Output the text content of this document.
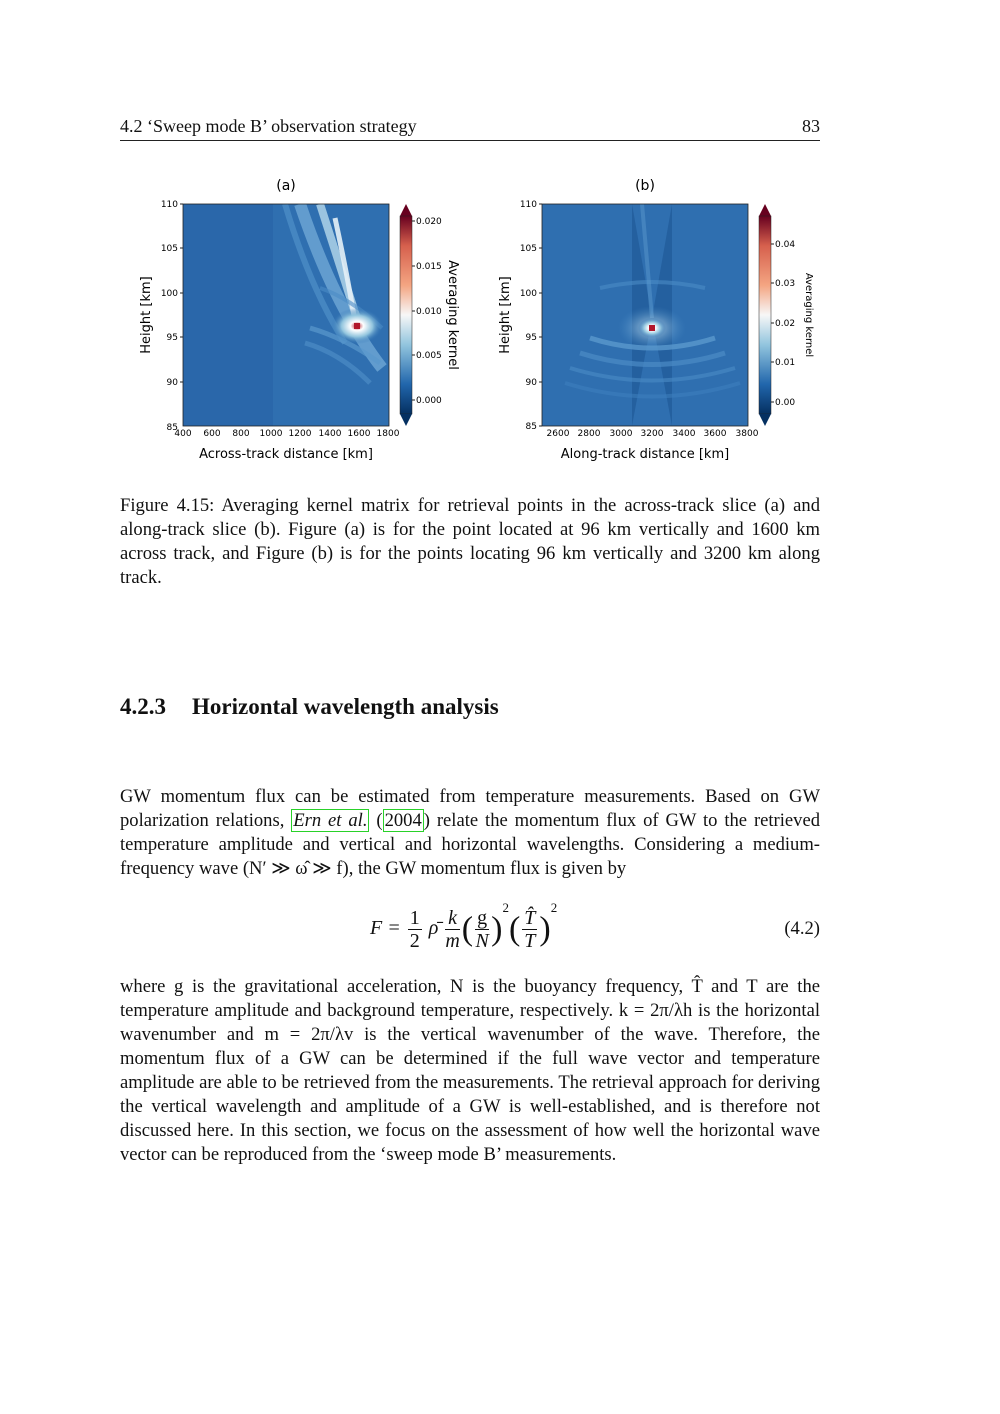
4.2 ‘Sweep mode B’ observation strategy	83
(a)
110
105
100
95
90
85
400 600 800 1000 1200 1400 1600 1800
Across-track distance [km]
Height [km]
0.000
0.005
0.010
0.015
0.020
Averaging kernel
(b)
110
105
100
95
90
85
2600 2800 3000 3200 3400 3600 3800
Along-track distance [km]
Height [km]
0.00
0.01
0.02
0.03
0.04
Averaging kernel
Figure 4.15: Averaging kernel matrix for retrieval points in the across-track slice (a) and along-track slice (b). Figure (a) is for the point located at 96 km vertically and 1600 km across track, and Figure (b) is for the points locating 96 km vertically and 3200 km along track.
4.2.3 Horizontal wavelength analysis

GW momentum flux can be estimated from temperature measurements. Based on GW polarization relations, Ern et al. ( 2004 ) relate the momentum flux of GW to the retrieved temperature amplitude and vertical and horizontal wavelengths. Considering a medium-frequency wave (N′ ≫ ω̂ ≫ f), the GW momentum flux is given by

$F = \frac{1}{2}$ ρ̄ $\frac{k}{m}$ ( $\frac{g}{N} )^2( \frac{T̂}{T} )^2$
(4.2)

where g is the gravitational acceleration, N is the buoyancy frequency, T̂ and T are the temperature amplitude and background temperature, respectively. k = 2π/λh is the horizontal wavenumber and m = 2π/λv is the vertical wavenumber of the wave. Therefore, the momentum flux of a GW can be determined if the full wave vector and temperature amplitude are able to be retrieved from the measurements. The retrieval approach for deriving the vertical wavelength and amplitude of a GW is well-established, and is therefore not discussed here. In this section, we focus on the assessment of how well the horizontal wave vector can be reproduced from the ‘sweep mode B’ measurements.
